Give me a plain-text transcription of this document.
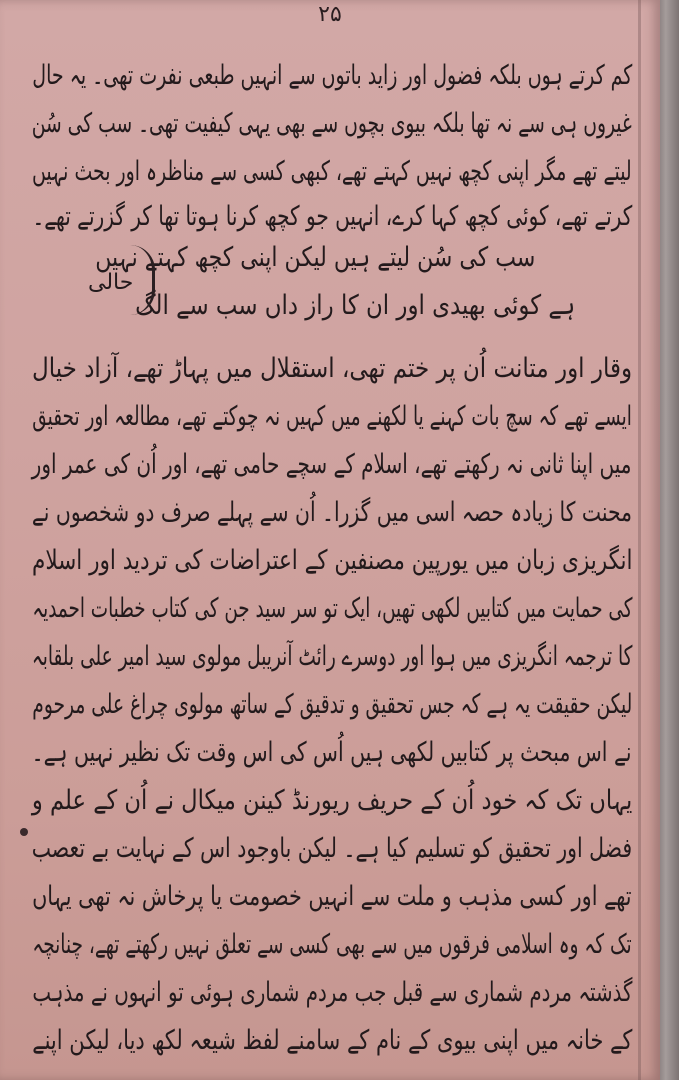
۲۵
کم کرتے ہوں بلکہ فضول اور زاید باتوں سے انہیں طبعی نفرت تھی۔ یہ حال
غیروں ہی سے نہ تھا بلکہ بیوی بچوں سے بھی یہی کیفیت تھی۔ سب کی سُن
لیتے تھے مگر اپنی کچھ نہیں کہتے تھے، کبھی کسی سے مناظرہ اور بحث نہیں
کرتے تھے، کوئی کچھ کہا کرے، انہیں جو کچھ کرنا ہوتا تھا کر گزرتے تھے۔
سب کی سُن لیتے ہیں لیکن اپنی کچھ کہتے نہیں
ہے کوئی بھیدی اور ان کا راز داں سب سے الگ
حالی
وقار اور متانت اُن پر ختم تھی، استقلال میں پہاڑ تھے، آزاد خیال
ایسے تھے کہ سچ بات کہنے یا لکھنے میں کہیں نہ چوکتے تھے، مطالعہ اور تحقیق
میں اپنا ثانی نہ رکھتے تھے، اسلام کے سچے حامی تھے، اور اُن کی عمر اور
محنت کا زیادہ حصہ اسی میں گزرا۔ اُن سے پہلے صرف دو شخصوں نے
انگریزی زبان میں یورپین مصنفین کے اعتراضات کی تردید اور اسلام
کی حمایت میں کتابیں لکھی تھیں، ایک تو سر سید جن کی کتاب خطبات احمدیہ
کا ترجمہ انگریزی میں ہوا اور دوسرے رائٹ آنریبل مولوی سید امیر علی بلقابہ
لیکن حقیقت یہ ہے کہ جس تحقیق و تدقیق کے ساتھ مولوی چراغ علی مرحوم
نے اس مبحث پر کتابیں لکھی ہیں اُس کی اس وقت تک نظیر نہیں ہے۔
یہاں تک کہ خود اُن کے حریف ریورنڈ کینن میکال نے اُن کے علم و
فضل اور تحقیق کو تسلیم کیا ہے۔ لیکن باوجود اس کے نہایت بے تعصب
تھے اور کسی مذہب و ملت سے انہیں خصومت یا پرخاش نہ تھی یہاں
تک کہ وہ اسلامی فرقوں میں سے بھی کسی سے تعلق نہیں رکھتے تھے، چنانچہ
گذشتہ مردم شماری سے قبل جب مردم شماری ہوئی تو انہوں نے مذہب
کے خانہ میں اپنی بیوی کے نام کے سامنے لفظ شیعہ لکھ دیا، لیکن اپنے
